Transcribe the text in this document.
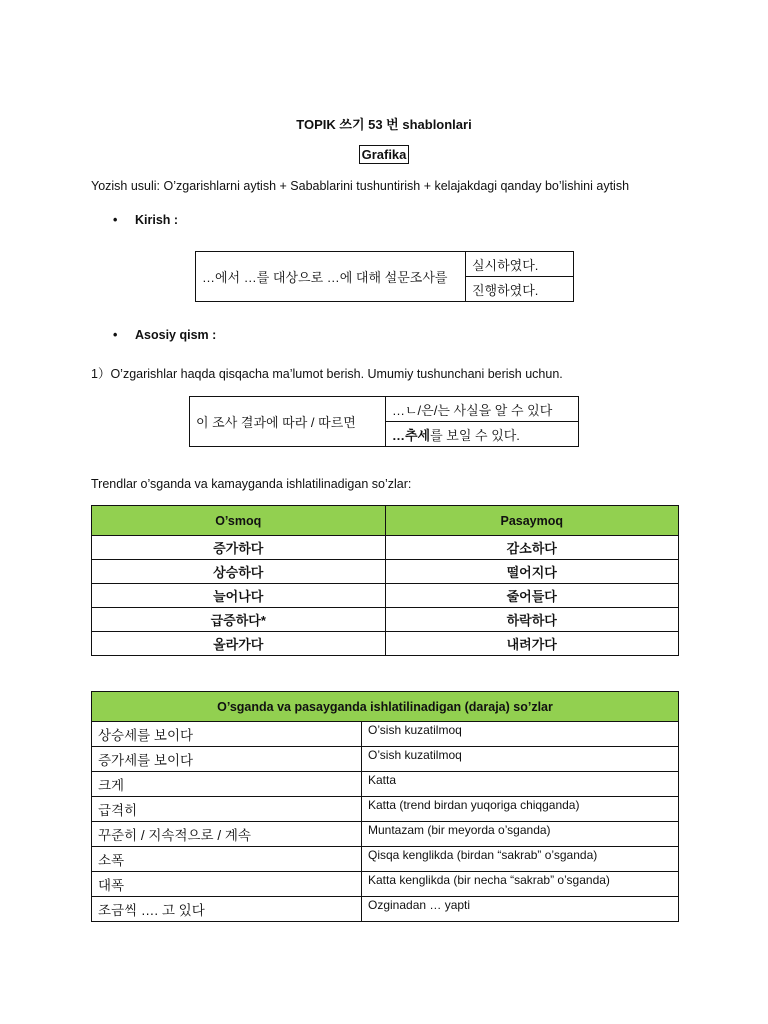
TOPIK 쓰기 53 번 shablonlari
Grafika
Yozish usuli: O’zgarishlarni aytish + Sabablarini tushuntirish + kelajakdagi qanday bo’lishini aytish
• Kirish :
…에서 …를 대상으로 …에 대해 설문조사를	실시하였다.
진행하였다.
• Asosiy qism :
1）O’zgarishlar haqda qisqacha ma’lumot berish. Umumiy tushunchani berish uchun.
이 조사 결과에 따라 / 따르면	…ㄴ/은/는 사실을 알 수 있다
…추세를 보일 수 있다.
Trendlar o’sganda va kamayganda ishlatilinadigan so’zlar:
O’smoq	Pasaymoq
증가하다	감소하다
상승하다	떨어지다
늘어나다	줄어들다
급증하다*	하락하다
올라가다	내려가다
O’sganda va pasayganda ishlatilinadigan (daraja) so’zlar	
상승세를 보이다	O’sish kuzatilmoq
증가세를 보이다	O’sish kuzatilmoq
크게	Katta
급격히	Katta (trend birdan yuqoriga chiqganda)
꾸준히 / 지속적으로 / 계속	Muntazam (bir meyorda o’sganda)
소폭	Qisqa kenglikda (birdan “sakrab” o’sganda)
대폭	Katta kenglikda (bir necha “sakrab” o’sganda)
조금씩 …. 고 있다	Ozginadan … yapti
